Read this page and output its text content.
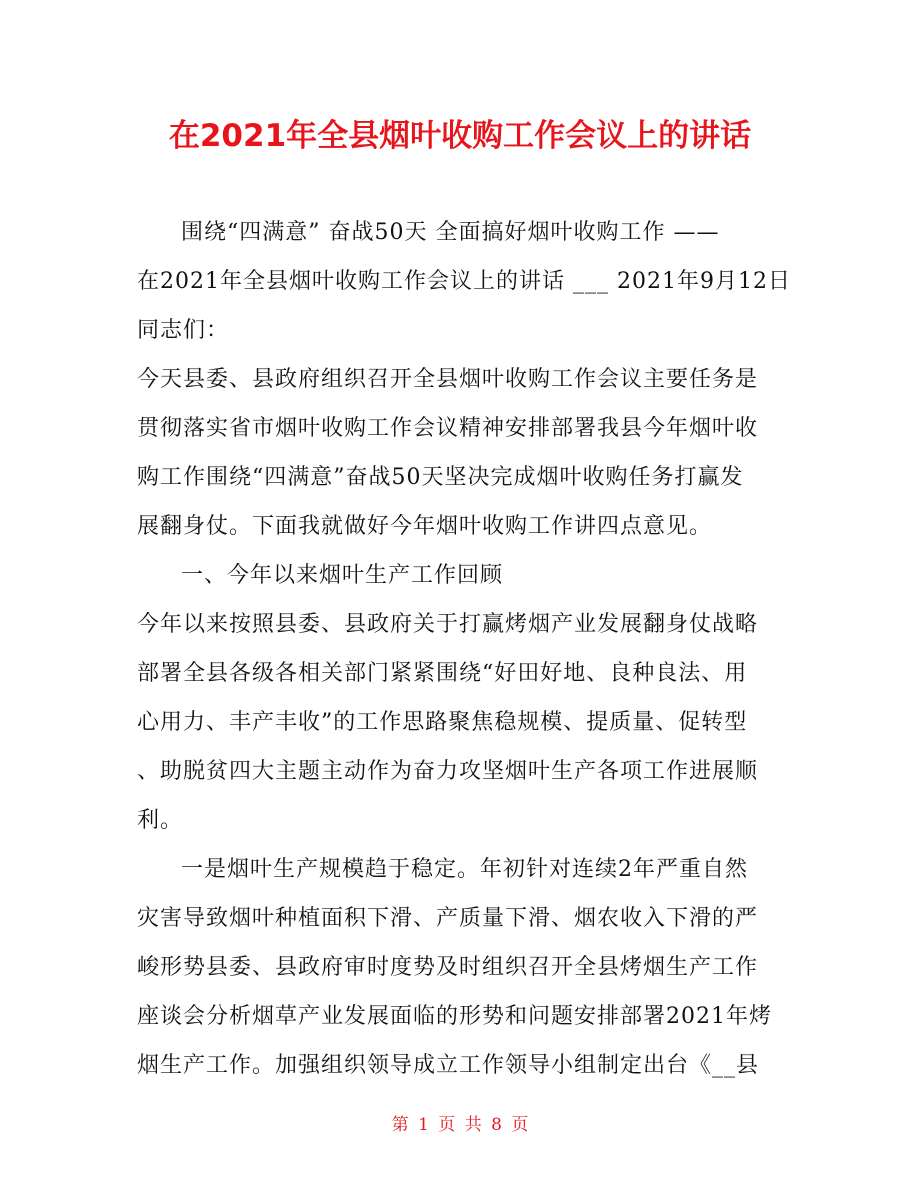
在2021年全县烟叶收购工作会议上的讲话
围绕“四满意” 奋战50天 全面搞好烟叶收购工作 ——
在2021年全县烟叶收购工作会议上的讲话 ___ 2021年9月12日
同志们：
今天县委、县政府组织召开全县烟叶收购工作会议主要任务是
贯彻落实省市烟叶收购工作会议精神安排部署我县今年烟叶收
购工作围绕“四满意”奋战50天坚决完成烟叶收购任务打赢发
展翻身仗。下面我就做好今年烟叶收购工作讲四点意见。
一、今年以来烟叶生产工作回顾
今年以来按照县委、县政府关于打赢烤烟产业发展翻身仗战略
部署全县各级各相关部门紧紧围绕“好田好地、良种良法、用
心用力、丰产丰收”的工作思路聚焦稳规模、提质量、促转型
、助脱贫四大主题主动作为奋力攻坚烟叶生产各项工作进展顺
利。
一是烟叶生产规模趋于稳定。年初针对连续2年严重自然
灾害导致烟叶种植面积下滑、产质量下滑、烟农收入下滑的严
峻形势县委、县政府审时度势及时组织召开全县烤烟生产工作
座谈会分析烟草产业发展面临的形势和问题安排部署2021年烤
烟生产工作。加强组织领导成立工作领导小组制定出台《__县
第 1 页 共 8 页
